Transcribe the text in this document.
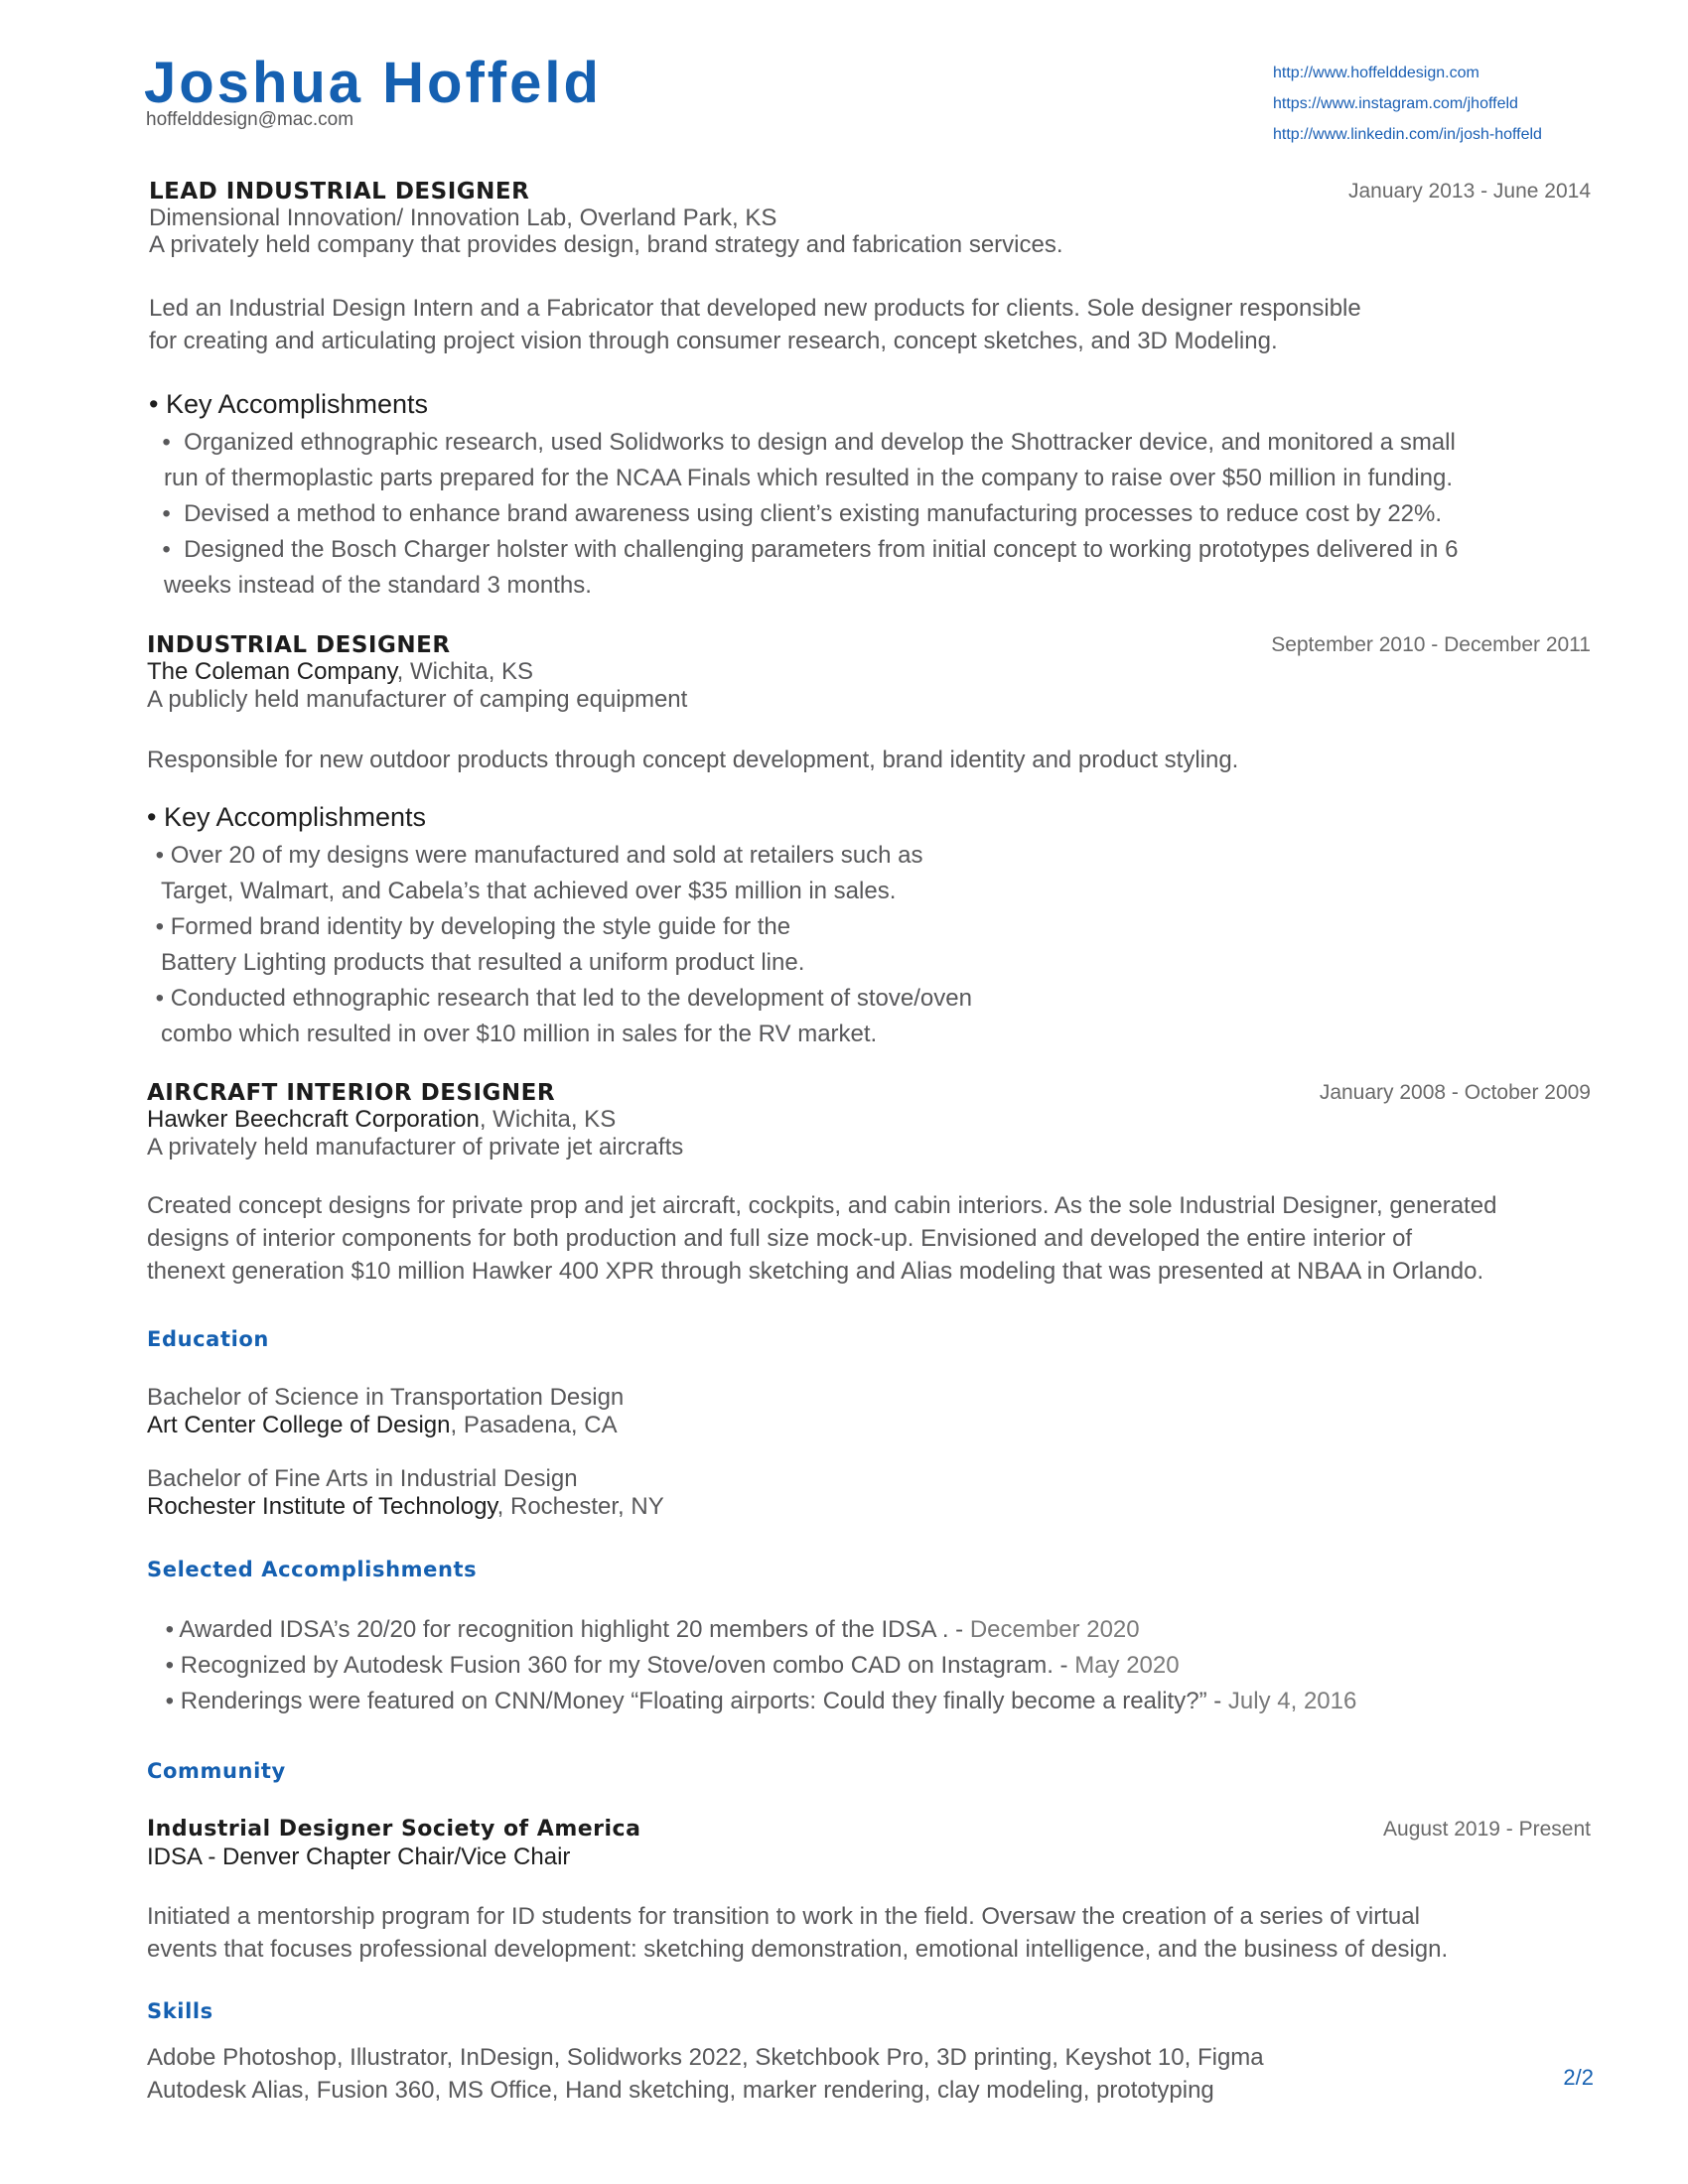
Joshua Hoffeld
hoffelddesign@mac.com
http://www.hoffelddesign.com
https://www.instagram.com/jhoffeld
http://www.linkedin.com/in/josh-hoffeld
LEAD INDUSTRIAL DESIGNER	January 2013 - June 2014
Dimensional Innovation/ Innovation Lab, Overland Park, KS
A privately held company that provides design, brand strategy and fabrication services.
Led an Industrial Design Intern and a Fabricator that developed new products for clients. Sole designer responsible
for creating and articulating project vision through consumer research, concept sketches, and 3D Modeling.
• Key Accomplishments
•  Organized ethnographic research, used Solidworks to design and develop the Shottracker device, and monitored a small
run of thermoplastic parts prepared for the NCAA Finals which resulted in the company to raise over $50 million in funding.
•  Devised a method to enhance brand awareness using client’s existing manufacturing processes to reduce cost by 22%.
•  Designed the Bosch Charger holster with challenging parameters from initial concept to working prototypes delivered in 6
weeks instead of the standard 3 months.
INDUSTRIAL DESIGNER	September 2010 - December 2011
The Coleman Company, Wichita, KS
A publicly held manufacturer of camping equipment
Responsible for new outdoor products through concept development, brand identity and product styling.
• Key Accomplishments
• Over 20 of my designs were manufactured and sold at retailers such as
Target, Walmart, and Cabela’s that achieved over $35 million in sales.
• Formed brand identity by developing the style guide for the
Battery Lighting products that resulted a uniform product line.
• Conducted ethnographic research that led to the development of stove/oven
combo which resulted in over $10 million in sales for the RV market.
AIRCRAFT INTERIOR DESIGNER	January 2008 - October 2009
Hawker Beechcraft Corporation, Wichita, KS
A privately held manufacturer of private jet aircrafts
Created concept designs for private prop and jet aircraft, cockpits, and cabin interiors. As the sole Industrial Designer, generated
designs of interior components for both production and full size mock-up. Envisioned and developed the entire interior of
thenext generation $10 million Hawker 400 XPR through sketching and Alias modeling that was presented at NBAA in Orlando.
Education
Bachelor of Science in Transportation Design
Art Center College of Design, Pasadena, CA
Bachelor of Fine Arts in Industrial Design
Rochester Institute of Technology, Rochester, NY
Selected Accomplishments
• Awarded IDSA’s 20/20 for recognition highlight 20 members of the IDSA . - December 2020
• Recognized by Autodesk Fusion 360 for my Stove/oven combo CAD on Instagram. - May 2020
• Renderings were featured on CNN/Money “Floating airports: Could they finally become a reality?” - July 4, 2016
Community
Industrial Designer Society of America	August 2019 - Present
IDSA - Denver Chapter Chair/Vice Chair
Initiated a mentorship program for ID students for transition to work in the field. Oversaw the creation of a series of virtual
events that focuses professional development: sketching demonstration, emotional intelligence, and the business of design.
Skills
Adobe Photoshop, Illustrator, InDesign, Solidworks 2022, Sketchbook Pro, 3D printing, Keyshot 10, Figma
Autodesk Alias, Fusion 360, MS Office, Hand sketching, marker rendering, clay modeling, prototyping	2/2
